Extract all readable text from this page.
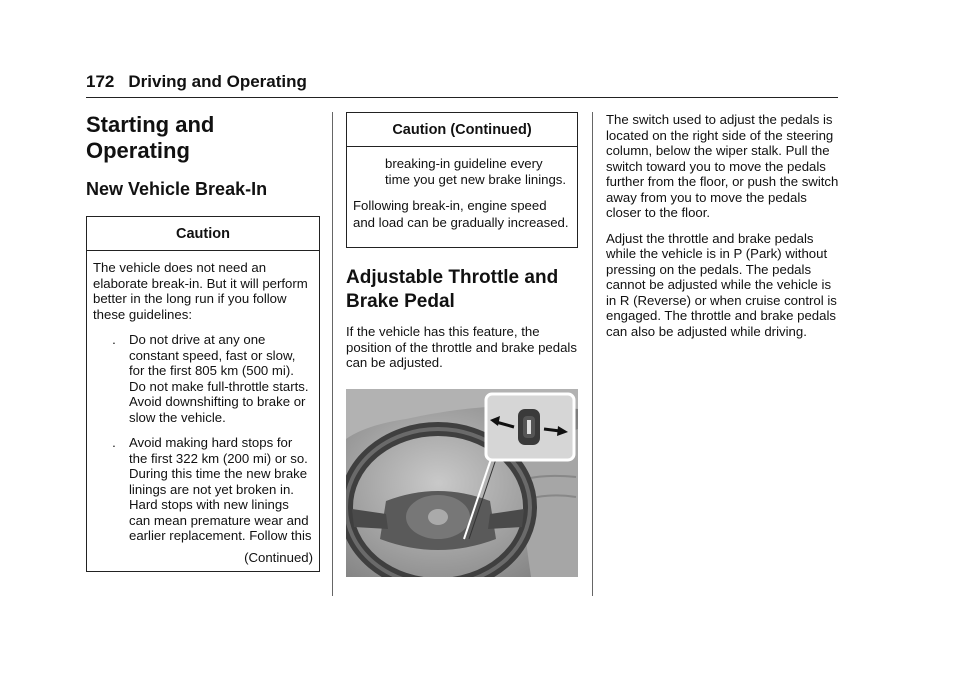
172 Driving and Operating
Starting and
Operating
New Vehicle Break-In
Caution

The vehicle does not need an elaborate break-in. But it will perform better in the long run if you follow these guidelines:

. Do not drive at any one constant speed, fast or slow, for the first 805 km (500 mi). Do not make full-throttle starts. Avoid downshifting to brake or slow the vehicle.
. Avoid making hard stops for the first 322 km (200 mi) or so. During this time the new brake linings are not yet broken in. Hard stops with new linings can mean premature wear and earlier replacement. Follow this
(Continued)
Caution (Continued)

breaking-in guideline every time you get new brake linings.

Following break-in, engine speed and load can be gradually increased.

Adjustable Throttle and
Brake Pedal

If the vehicle has this feature, the position of the throttle and brake pedals can be adjusted.

The switch used to adjust the pedals is located on the right side of the steering column, below the wiper stalk. Pull the switch toward you to move the pedals further from the floor, or push the switch away from you to move the pedals closer to the floor.

Adjust the throttle and brake pedals while the vehicle is in P (Park) without pressing on the pedals. The pedals cannot be adjusted while the vehicle is in R (Reverse) or when cruise control is engaged. The throttle and brake pedals can also be adjusted while driving.
